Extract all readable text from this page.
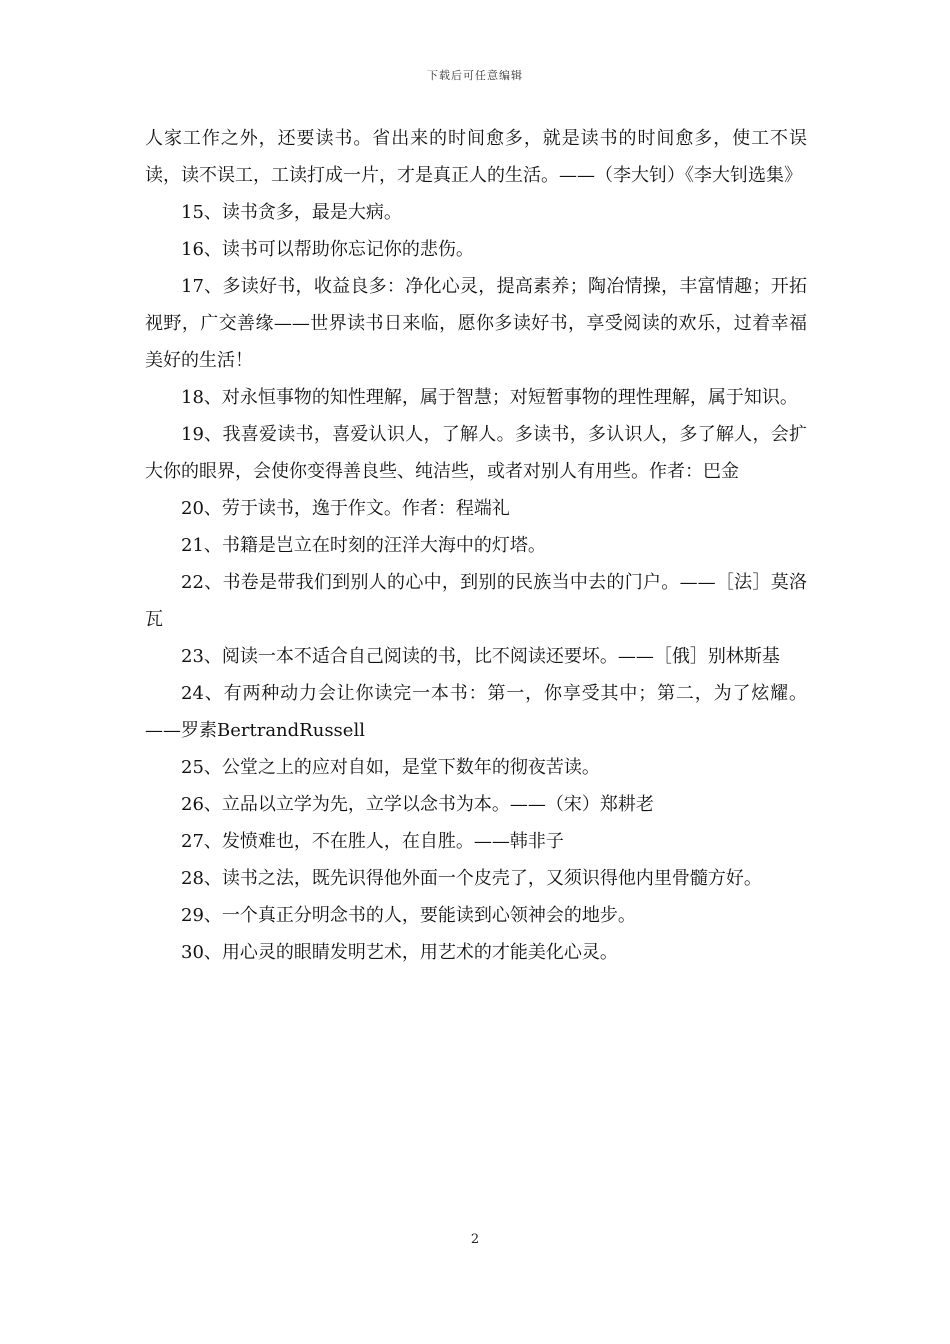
下载后可任意编辑

人家工作之外，还要读书。省出来的时间愈多，就是读书的时间愈多，使工不误读，读不误工，工读打成一片，才是真正人的生活。——（李大钊）《李大钊选集》

15、读书贪多，最是大病。

16、读书可以帮助你忘记你的悲伤。

17、多读好书，收益良多：净化心灵，提高素养；陶冶情操，丰富情趣；开拓视野，广交善缘——世界读书日来临，愿你多读好书，享受阅读的欢乐，过着幸福美好的生活！

18、对永恒事物的知性理解，属于智慧；对短暂事物的理性理解，属于知识。

19、我喜爱读书，喜爱认识人，了解人。多读书，多认识人，多了解人，会扩大你的眼界，会使你变得善良些、纯洁些，或者对别人有用些。作者：巴金

20、劳于读书，逸于作文。作者：程端礼

21、书籍是岂立在时刻的汪洋大海中的灯塔。

22、书卷是带我们到别人的心中，到别的民族当中去的门户。——［法］莫洛瓦

23、阅读一本不适合自己阅读的书，比不阅读还要坏。——［俄］别林斯基

24、有两种动力会让你读完一本书：第一，你享受其中；第二，为了炫耀。——罗素BertrandRussell

25、公堂之上的应对自如，是堂下数年的彻夜苦读。

26、立品以立学为先，立学以念书为本。——（宋）郑耕老

27、发愤难也，不在胜人，在自胜。——韩非子

28、读书之法，既先识得他外面一个皮壳了，又须识得他内里骨髓方好。

29、一个真正分明念书的人，要能读到心领神会的地步。

30、用心灵的眼睛发明艺术，用艺术的才能美化心灵。

2
